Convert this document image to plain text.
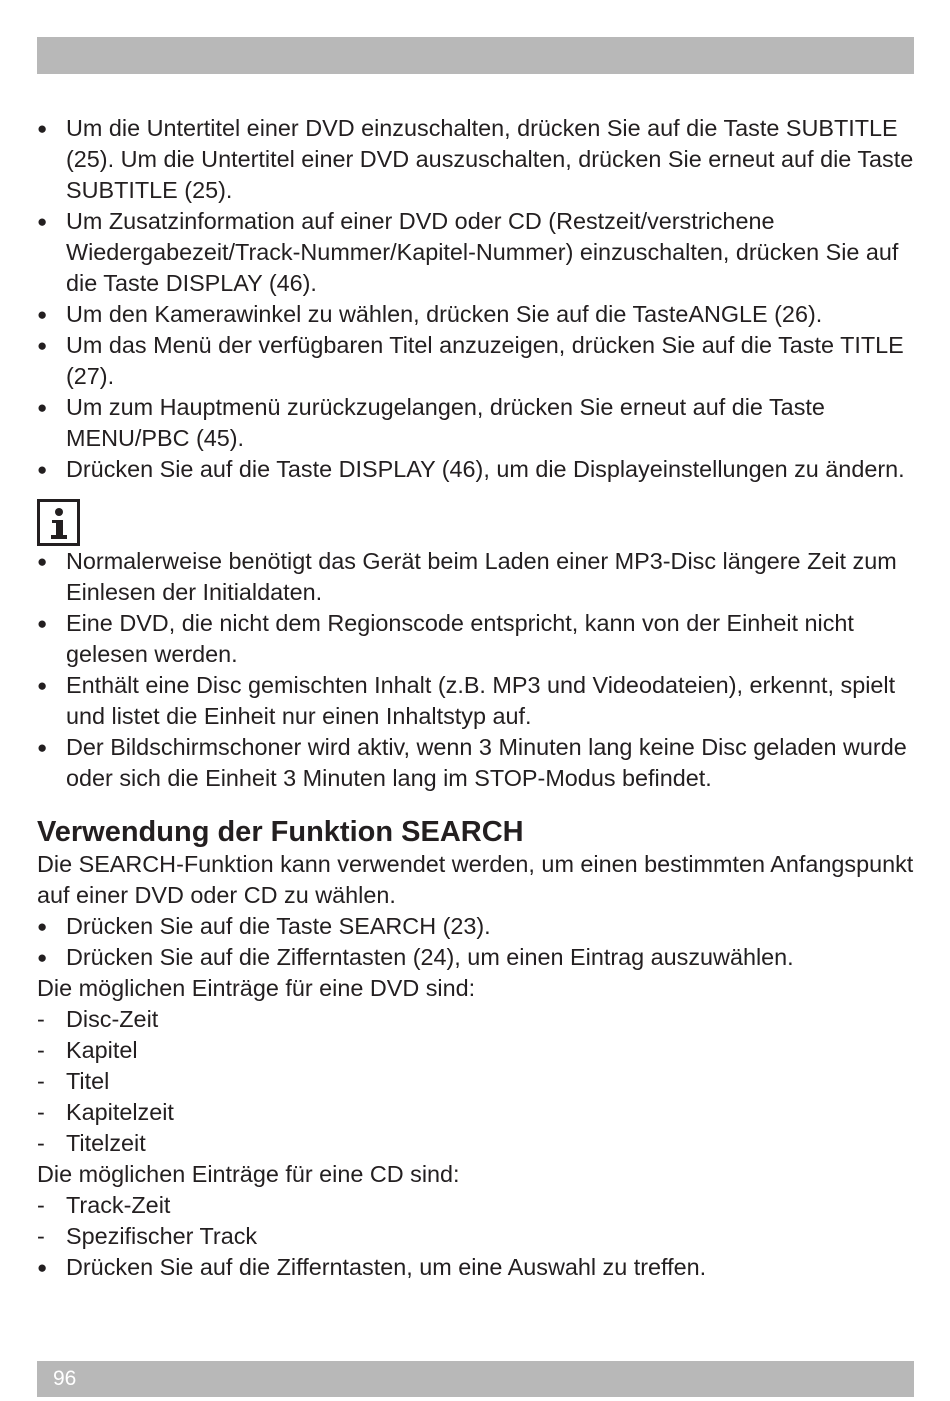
● Um die Untertitel einer DVD einzuschalten, drücken Sie auf die Taste SUBTITLE (25). Um die Untertitel einer DVD auszuschalten, drücken Sie erneut auf die Taste SUBTITLE (25).
● Um Zusatzinformation auf einer DVD oder CD (Restzeit/verstrichene Wiedergabezeit/Track-Nummer/Kapitel-Nummer) einzuschalten, drücken Sie auf die Taste DISPLAY (46).
● Um den Kamerawinkel zu wählen, drücken Sie auf die TasteANGLE (26).
● Um das Menü der verfügbaren Titel anzuzeigen, drücken Sie auf die Taste TITLE (27).
● Um zum Hauptmenü zurückzugelangen, drücken Sie erneut auf die Taste MENU/PBC (45).
● Drücken Sie auf die Taste DISPLAY (46), um die Displayeinstellungen zu ändern.
● Normalerweise benötigt das Gerät beim Laden einer MP3-Disc längere Zeit zum Einlesen der Initialdaten.
● Eine DVD, die nicht dem Regionscode entspricht, kann von der Einheit nicht gelesen werden.
● Enthält eine Disc gemischten Inhalt (z.B. MP3 und Videodateien), erkennt, spielt und listet die Einheit nur einen Inhaltstyp auf.
● Der Bildschirmschoner wird aktiv, wenn 3 Minuten lang keine Disc geladen wurde oder sich die Einheit 3 Minuten lang im STOP-Modus befindet.
Verwendung der Funktion SEARCH

Die SEARCH-Funktion kann verwendet werden, um einen bestimmten Anfangspunkt auf einer DVD oder CD zu wählen.

● Drücken Sie auf die Taste SEARCH (23).
● Drücken Sie auf die Zifferntasten (24), um einen Eintrag auszuwählen.

Die möglichen Einträge für eine DVD sind:

- Disc-Zeit
- Kapitel
- Titel
- Kapitelzeit
- Titelzeit

Die möglichen Einträge für eine CD sind:

- Track-Zeit
- Spezifischer Track
● Drücken Sie auf die Zifferntasten, um eine Auswahl zu treffen.
96
